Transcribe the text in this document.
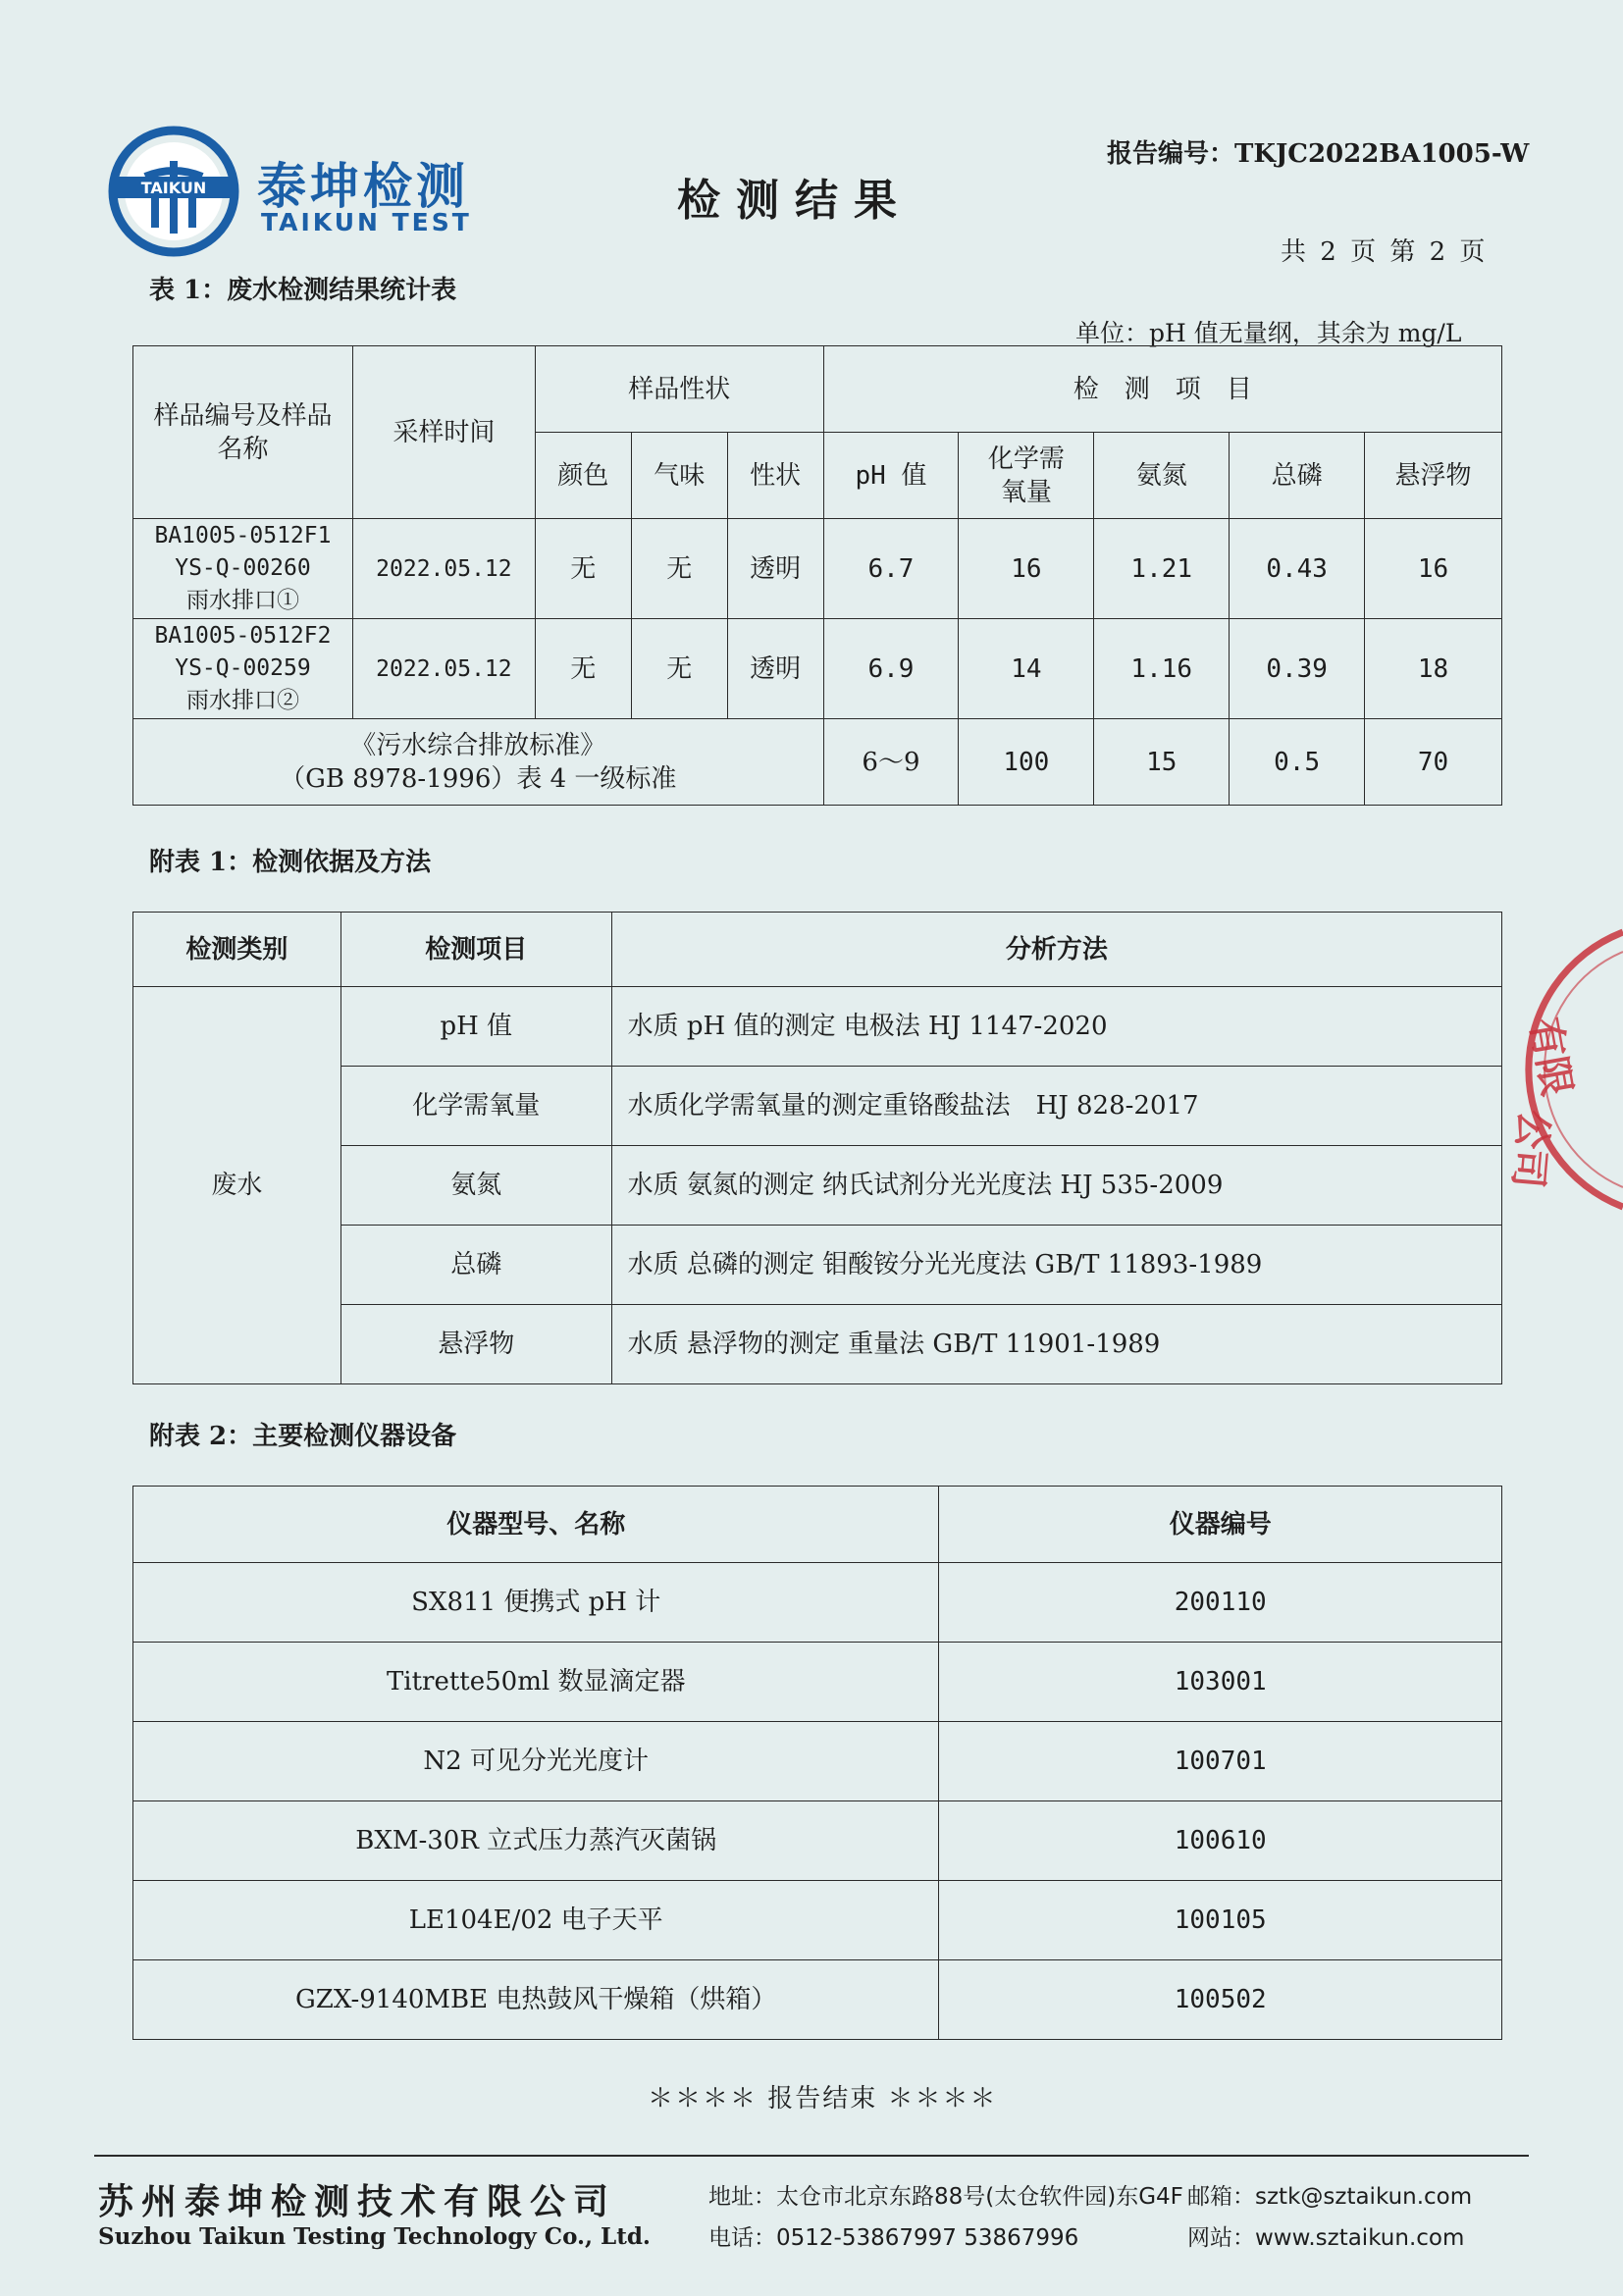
TAIKUN 泰坤检测
TAIKUN TEST	检测结果
报告编号：TKJC2022BA1005-W
共 2 页 第 2 页
表 1：废水检测结果统计表
单位：pH 值无量纲，其余为 mg/L
样品编号及样品名称	采样时间	样品性状			检　测　项　目				
		颜色	气味	性状	pH 值	化学需氧量	氨氮	总磷	悬浮物

BA1005-0512F1
YS-Q-00260
雨水排口①	2022.05.12	无	无	透明	6.7	16	1.21	0.43	16

BA1005-0512F2
YS-Q-00259
雨水排口②	2022.05.12	无	无	透明	6.9	14	1.16	0.39	18

《污水综合排放标准》
（GB 8978-1996）表 4 一级标准					6～9	100	15	0.5	70
附表 1：检测依据及方法
检测类别	检测项目	分析方法
废水	pH 值	水质 pH 值的测定 电极法 HJ 1147-2020
	化学需氧量	水质化学需氧量的测定重铬酸盐法　HJ 828-2017
	氨氮	水质 氨氮的测定 纳氏试剂分光光度法 HJ 535-2009
	总磷	水质 总磷的测定 钼酸铵分光光度法 GB/T 11893-1989
	悬浮物	水质 悬浮物的测定 重量法 GB/T 11901-1989
附表 2：主要检测仪器设备
仪器型号、名称	仪器编号
SX811 便携式 pH 计	200110
Titrette50ml 数显滴定器	103001
N2 可见分光光度计	100701
BXM-30R 立式压力蒸汽灭菌锅	100610
LE104E/02 电子天平	100105
GZX-9140MBE 电热鼓风干燥箱（烘箱）	100502
＊＊＊＊ 报告结束 ＊＊＊＊
有限
公司
苏州泰坤检测技术有限公司
Suzhou Taikun Testing Technology Co., Ltd.
地址：太仓市北京东路88号(太仓软件园)东G4F
电话：0512-53867997 53867996
邮箱：sztk@sztaikun.com
网站：www.sztaikun.com
